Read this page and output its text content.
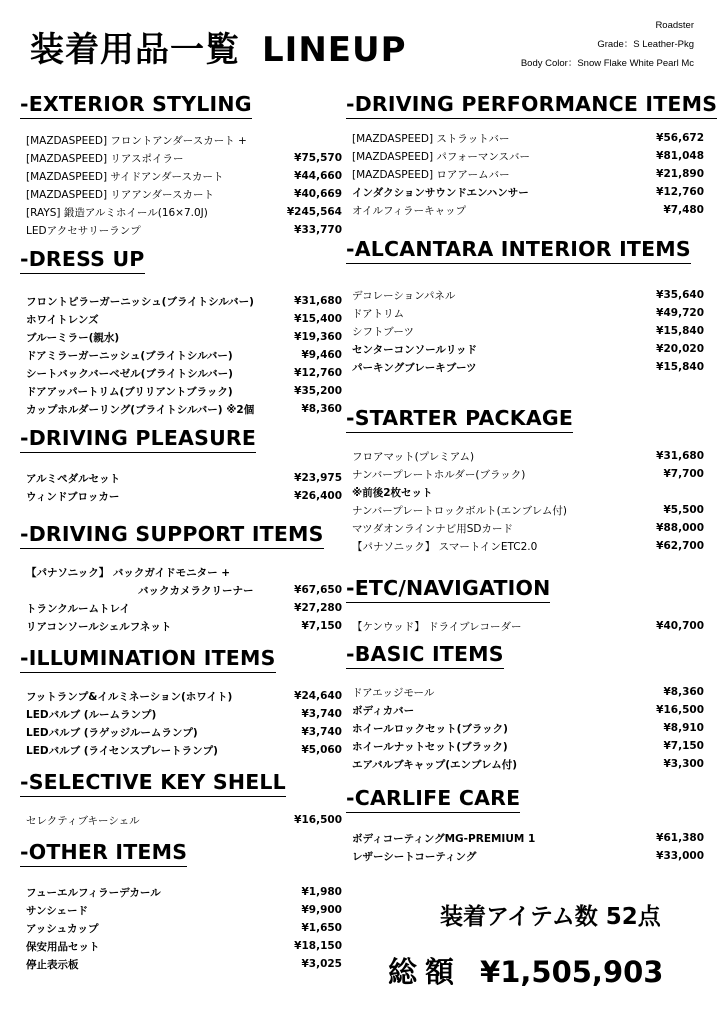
装着用品一覧 LINEUP
Roadster
Grade：S Leather-Pkg
Body Color：Snow Flake White Pearl Mc
-EXTERIOR STYLING
[MAZDASPEED] フロントアンダースカート +
[MAZDASPEED] リアスポイラー	¥75,570
[MAZDASPEED] サイドアンダースカート	¥44,660
[MAZDASPEED] リアアンダースカート	¥40,669
[RAYS] 鍛造アルミホイール(16×7.0J)	¥245,564
LEDアクセサリーランプ	¥33,770
-DRESS UP
フロントピラーガーニッシュ(ブライトシルバー)	¥31,680
ホワイトレンズ	¥15,400
ブルーミラー(親水)	¥19,360
ドアミラーガーニッシュ(ブライトシルバー)	¥9,460
シートバックバーベゼル(ブライトシルバー)	¥12,760
ドアアッパートリム(ブリリアントブラック)	¥35,200
カップホルダーリング(ブライトシルバー) ※2個	¥8,360
-DRIVING PLEASURE
アルミペダルセット	¥23,975
ウィンドブロッカー	¥26,400
-DRIVING SUPPORT ITEMS
【パナソニック】 バックガイドモニター +
バックカメラクリーナー	¥67,650
トランクルームトレイ	¥27,280
リアコンソールシェルフネット	¥7,150
-ILLUMINATION ITEMS
フットランプ&イルミネーション(ホワイト)	¥24,640
LEDバルブ (ルームランプ)	¥3,740
LEDバルブ (ラゲッジルームランプ)	¥3,740
LEDバルブ (ライセンスプレートランプ)	¥5,060
-SELECTIVE KEY SHELL
セレクティブキーシェル	¥16,500
-OTHER ITEMS
フューエルフィラーデカール	¥1,980
サンシェード	¥9,900
アッシュカップ	¥1,650
保安用品セット	¥18,150
停止表示板	¥3,025
-DRIVING PERFORMANCE ITEMS
[MAZDASPEED] ストラットバー	¥56,672
[MAZDASPEED] パフォーマンスバー	¥81,048
[MAZDASPEED] ロアアームバー	¥21,890
インダクションサウンドエンハンサー	¥12,760
オイルフィラーキャップ	¥7,480
-ALCANTARA INTERIOR ITEMS
デコレーションパネル	¥35,640
ドアトリム	¥49,720
シフトブーツ	¥15,840
センターコンソールリッド	¥20,020
パーキングブレーキブーツ	¥15,840
-STARTER PACKAGE
フロアマット(プレミアム)	¥31,680
ナンバープレートホルダー(ブラック)	¥7,700
※前後2枚セット
ナンバープレートロックボルト(エンブレム付)	¥5,500
マツダオンラインナビ用SDカード	¥88,000
【パナソニック】 スマートインETC2.0	¥62,700
-ETC/NAVIGATION
【ケンウッド】 ドライブレコーダー	¥40,700
-BASIC ITEMS
ドアエッジモール	¥8,360
ボディカバー	¥16,500
ホイールロックセット(ブラック)	¥8,910
ホイールナットセット(ブラック)	¥7,150
エアバルブキャップ(エンブレム付)	¥3,300
-CARLIFE CARE
ボディコーティングMG-PREMIUM 1	¥61,380
レザーシートコーティング	¥33,000
装着アイテム数 52点
総額 ¥1,505,903
